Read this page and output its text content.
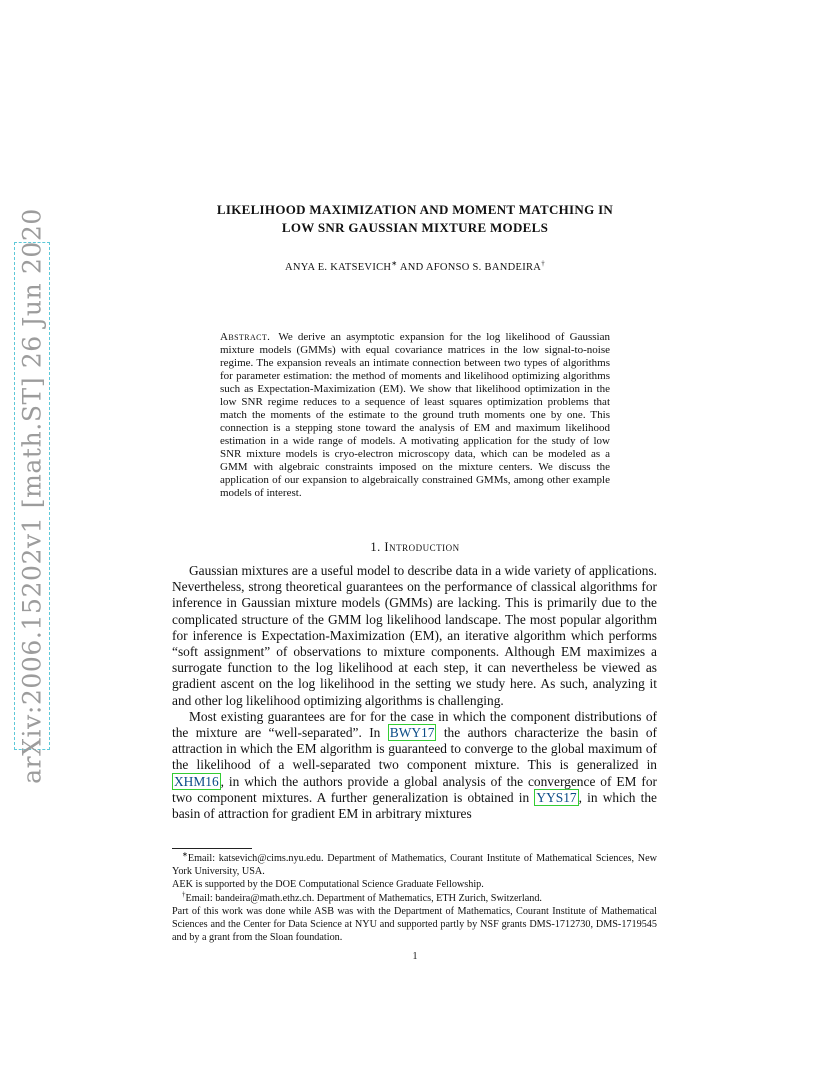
arXiv:2006.15202v1 [math.ST] 26 Jun 2020	LIKELIHOOD MAXIMIZATION AND MOMENT MATCHING IN
LOW SNR GAUSSIAN MIXTURE MODELS
ANYA E. KATSEVICH∗ AND AFONSO S. BANDEIRA†
Abstract. We derive an asymptotic expansion for the log likelihood of Gaussian mixture models (GMMs) with equal covariance matrices in the low signal-to-noise regime. The expansion reveals an intimate connection between two types of algorithms for parameter estimation: the method of moments and likelihood optimizing algorithms such as Expectation-Maximization (EM). We show that likelihood optimization in the low SNR regime reduces to a sequence of least squares optimization problems that match the moments of the estimate to the ground truth moments one by one. This connection is a stepping stone toward the analysis of EM and maximum likelihood estimation in a wide range of models. A motivating application for the study of low SNR mixture models is cryo-electron microscopy data, which can be modeled as a GMM with algebraic constraints imposed on the mixture centers. We discuss the application of our expansion to algebraically constrained GMMs, among other example models of interest.
1. Introduction

Gaussian mixtures are a useful model to describe data in a wide variety of applications. Nevertheless, strong theoretical guarantees on the performance of classical algorithms for inference in Gaussian mixture models (GMMs) are lacking. This is primarily due to the complicated structure of the GMM log likelihood landscape. The most popular algorithm for inference is Expectation-Maximization (EM), an iterative algorithm which performs “soft assignment” of observations to mixture components. Although EM maximizes a surrogate function to the log likelihood at each step, it can nevertheless be viewed as gradient ascent on the log likelihood in the setting we study here. As such, analyzing it and other log likelihood optimizing algorithms is challenging.

Most existing guarantees are for for the case in which the component distributions of the mixture are “well-separated”. In BWY17 the authors characterize the basin of attraction in which the EM algorithm is guaranteed to converge to the global maximum of the likelihood of a well-separated two component mixture. This is generalized in XHM16 , in which the authors provide a global analysis of the convergence of EM for two component mixtures. A further generalization is obtained in YYS17 , in which the basin of attraction for gradient EM in arbitrary mixtures

∗Email: katsevich@cims.nyu.edu. Department of Mathematics, Courant Institute of Mathematical Sciences, New York University, USA.

AEK is supported by the DOE Computational Science Graduate Fellowship.

†Email: bandeira@math.ethz.ch. Department of Mathematics, ETH Zurich, Switzerland.

Part of this work was done while ASB was with the Department of Mathematics, Courant Institute of Mathematical Sciences and the Center for Data Science at NYU and supported partly by NSF grants DMS-1712730, DMS-1719545 and by a grant from the Sloan foundation.

1
